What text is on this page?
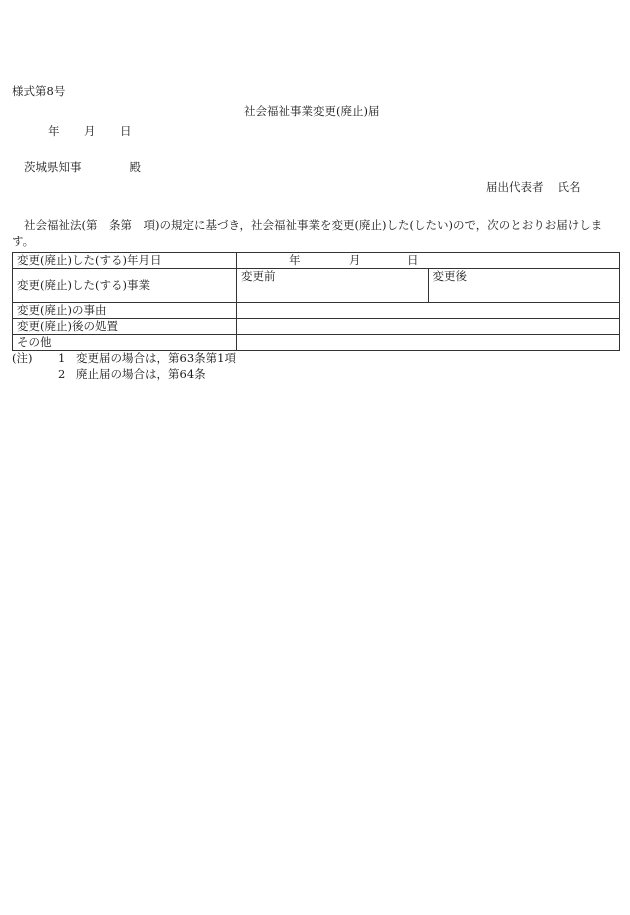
様式第8号
社会福祉事業変更(廃止)届
年 月 日
茨城県知事	殿
届出代表者 氏名
社会福祉法(第　条第　項)の規定に基づき，社会福祉事業を変更(廃止)した(したい)ので，次のとおりお届けします。
変更(廃止)した(する)年月日	年 月 日	
変更(廃止)した(する)事業	変更前	変更後
変更(廃止)の事由		
変更(廃止)後の処置		
その他		
(注) 1 変更届の場合は，第63条第1項
2 廃止届の場合は，第64条
